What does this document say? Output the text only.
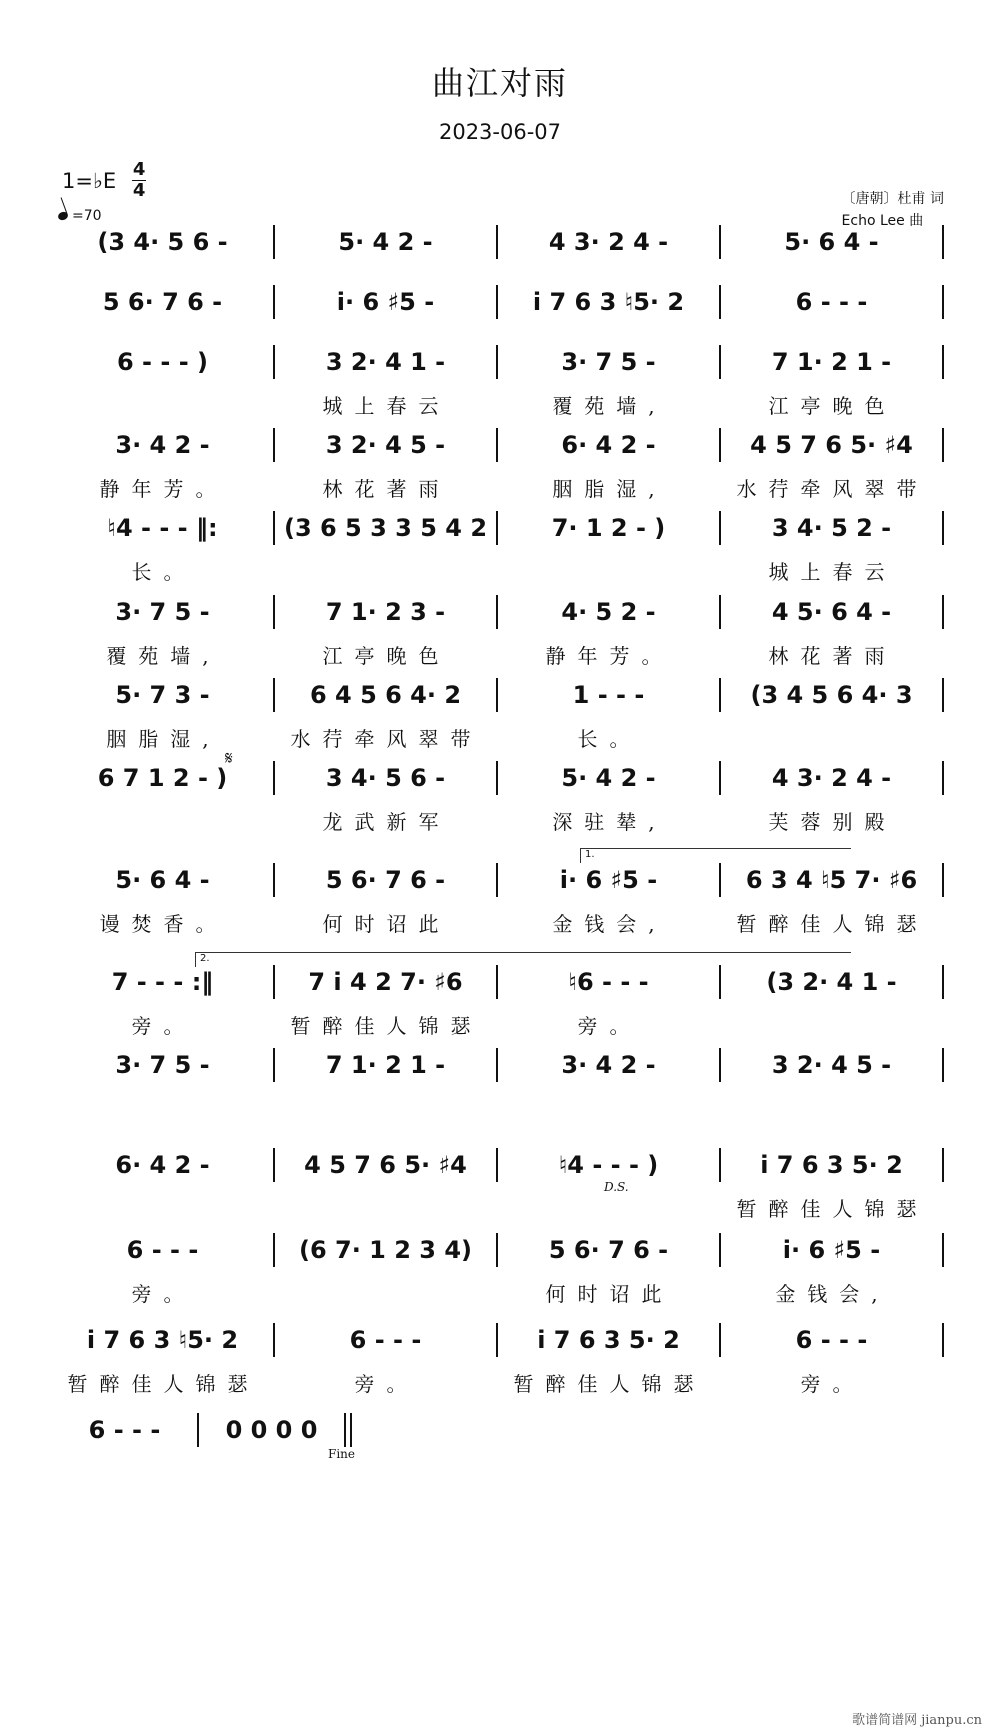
曲江对雨
2023-06-07
1=♭E 4
4
=70
〔唐朝〕杜甫 词
Echo Lee 曲
(3 4· 5 6 -	5· 4 2 -	4 3· 2 4 -	5· 6 4 -
5 6· 7 6 -	i· 6 ♯5 -	i 7 6 3 ♮5· 2	6 - - -
6 - - - )	3 2· 4 1 -	3· 7 5 -	7 1· 2 1 -
城上春云	覆苑墙,	江亭晚色
3· 4 2 -	3 2· 4 5 -	6· 4 2 -	4 5 7 6 5· ♯4
静年芳。	林花著雨	胭脂湿,	水荇牵风翠带
♮4 - - - ‖:	(3 6 5 3 3 5 4 2	7· 1 2 - )	3 4· 5 2 -
长。	城上春云
3· 7 5 -	7 1· 2 3 -	4· 5 2 -	4 5· 6 4 -
覆苑墙,	江亭晚色	静年芳。	林花著雨
5· 7 3 -	6 4 5 6 4· 2	1 - - -	(3 4 5 6 4· 3
胭脂湿,	水荇牵风翠带	长。
6 7 1 2 - )	3 4· 5 6 -	5· 4 2 -	4 3· 2 4 -
龙武新军	深驻辇,	芙蓉别殿
5· 6 4 -	5 6· 7 6 -	i· 6 ♯5 -	6 3 4 ♮5 7· ♯6
谩焚香。	何时诏此	金钱会,	暂醉佳人锦瑟
7 - - - :‖	7 i 4 2 7· ♯6	♮6 - - -	(3 2· 4 1 -
旁。	暂醉佳人锦瑟	旁。
3· 7 5 -	7 1· 2 1 -	3· 4 2 -	3 2· 4 5 -
6· 4 2 -	4 5 7 6 5· ♯4	♮4 - - - )	i 7 6 3 5· 2
暂醉佳人锦瑟
6 - - -	(6 7· 1 2 3 4)	5 6· 7 6 -	i· 6 ♯5 -
旁。	何时诏此	金钱会,
i 7 6 3 ♮5· 2	6 - - -	i 7 6 3 5· 2	6 - - -
暂醉佳人锦瑟	旁。	暂醉佳人锦瑟	旁。
6 - - -	0 0 0 0
𝄋
1.
2.
D.S.
Fine
歌谱简谱网 jianpu.cn
